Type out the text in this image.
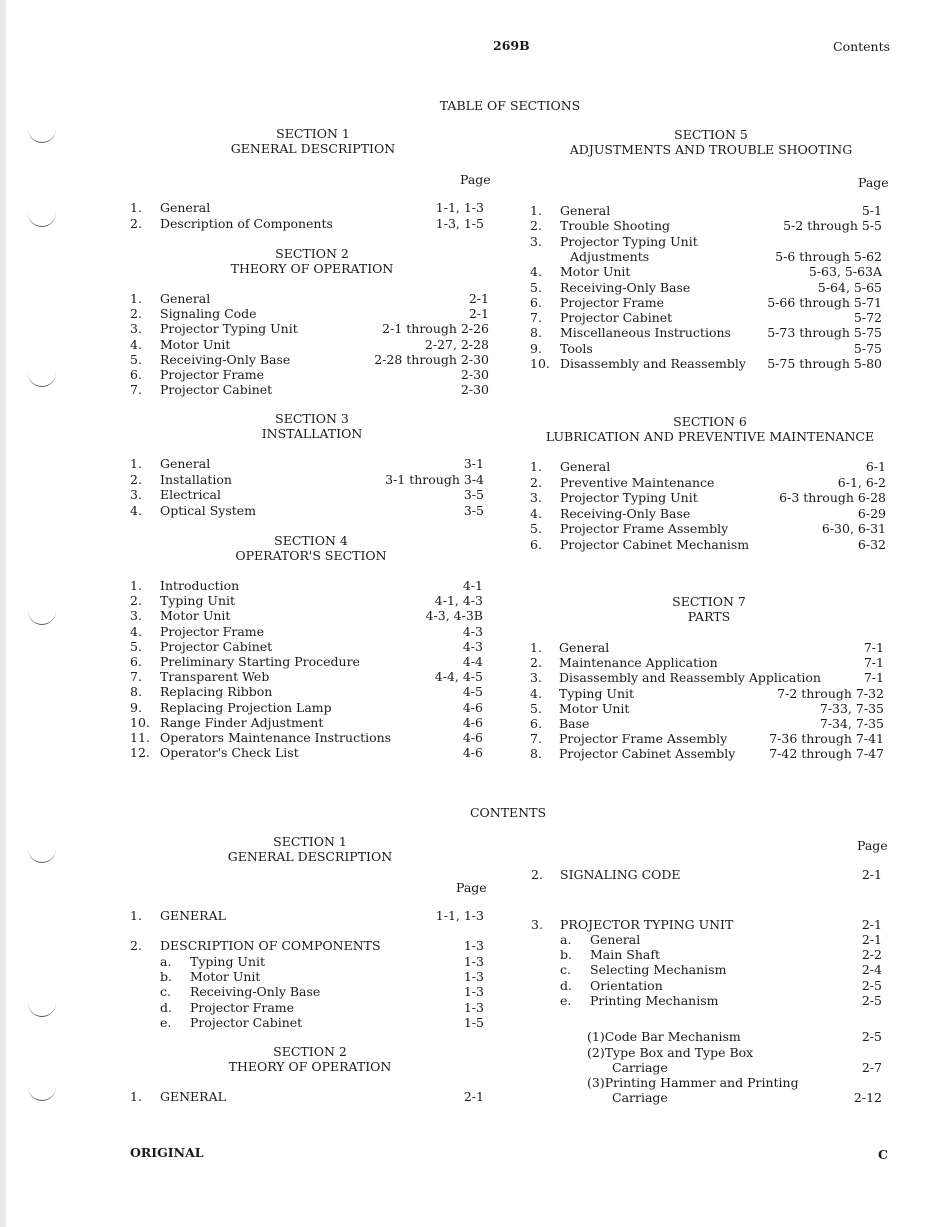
269B	Contents
TABLE OF SECTIONS
CONTENTS
ORIGINAL	C
SECTION 1
GENERAL DESCRIPTION
Page
1. General	1-1, 1-3
2. Description of Components	1-3, 1-5
SECTION 2
THEORY OF OPERATION
1. General	2-1
2. Signaling Code	2-1
3. Projector Typing Unit	2-1 through 2-26
4. Motor Unit	2-27, 2-28
5. Receiving-Only Base	2-28 through 2-30
6. Projector Frame	2-30
7. Projector Cabinet	2-30
SECTION 3
INSTALLATION
1. General	3-1
2. Installation	3-1 through 3-4
3. Electrical	3-5
4. Optical System	3-5
SECTION 4
OPERATOR'S SECTION
1. Introduction	4-1
2. Typing Unit	4-1, 4-3
3. Motor Unit	4-3, 4-3B
4. Projector Frame	4-3
5. Projector Cabinet	4-3
6. Preliminary Starting Procedure	4-4
7. Transparent Web	4-4, 4-5
8. Replacing Ribbon	4-5
9. Replacing Projection Lamp	4-6
10. Range Finder Adjustment	4-6
11. Operators Maintenance Instructions	4-6
12. Operator's Check List	4-6
SECTION 5
ADJUSTMENTS AND TROUBLE SHOOTING
Page
1. General	5-1
2. Trouble Shooting	5-2 through 5-5
3. Projector Typing Unit
Adjustments	5-6 through 5-62
4. Motor Unit	5-63, 5-63A
5. Receiving-Only Base	5-64, 5-65
6. Projector Frame	5-66 through 5-71
7. Projector Cabinet	5-72
8. Miscellaneous Instructions	5-73 through 5-75
9. Tools	5-75
10. Disassembly and Reassembly	5-75 through 5-80
SECTION 6
LUBRICATION AND PREVENTIVE MAINTENANCE
1. General	6-1
2. Preventive Maintenance	6-1, 6-2
3. Projector Typing Unit	6-3 through 6-28
4. Receiving-Only Base	6-29
5. Projector Frame Assembly	6-30, 6-31
6. Projector Cabinet Mechanism	6-32
SECTION 7
PARTS
1. General	7-1
2. Maintenance Application	7-1
3. Disassembly and Reassembly Application	7-1
4. Typing Unit	7-2 through 7-32
5. Motor Unit	7-33, 7-35
6. Base	7-34, 7-35
7. Projector Frame Assembly	7-36 through 7-41
8. Projector Cabinet Assembly	7-42 through 7-47
SECTION 1
GENERAL DESCRIPTION
Page
1. GENERAL	1-1, 1-3
2. DESCRIPTION OF COMPONENTS	1-3
a. Typing Unit	1-3
b. Motor Unit	1-3
c. Receiving-Only Base	1-3
d. Projector Frame	1-3
e. Projector Cabinet	1-5
SECTION 2
THEORY OF OPERATION
1. GENERAL	2-1
Page
2. SIGNALING CODE	2-1
3. PROJECTOR TYPING UNIT	2-1
a. General	2-1
b. Main Shaft	2-2
c. Selecting Mechanism	2-4
d. Orientation	2-5
e. Printing Mechanism	2-5
(1)Code Bar Mechanism	2-5
(2)Type Box and Type Box
Carriage	2-7
(3)Printing Hammer and Printing
Carriage	2-12
